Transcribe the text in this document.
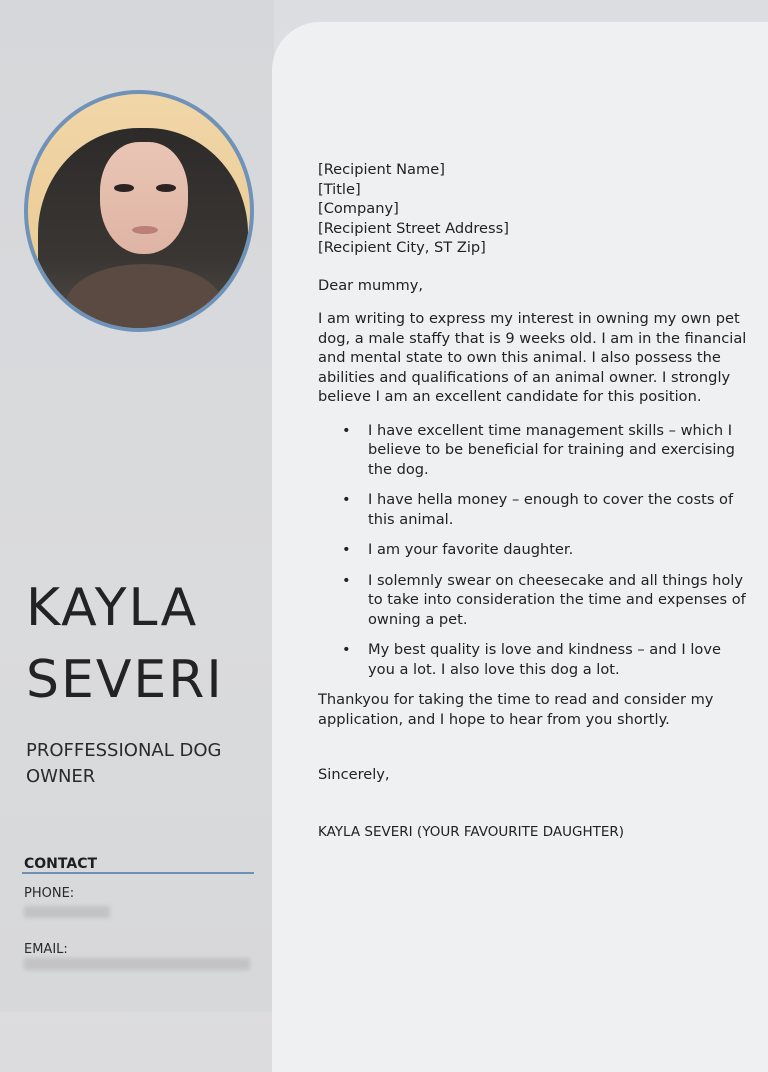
KAYLA
SEVERI

PROFFESSIONAL DOG OWNER

CONTACT
PHONE:
EMAIL:

[Recipient Name]

[Title]

[Company]

[Recipient Street Address]

[Recipient City, ST Zip]

Dear mummy,

I am writing to express my interest in owning my own pet dog, a male staffy that is 9 weeks old. I am in the financial and mental state to own this animal. I also possess the abilities and qualifications of an animal owner. I strongly believe I am an excellent candidate for this position.

• I have excellent time management skills – which I believe to be beneficial for training and exercising the dog.
• I have hella money – enough to cover the costs of this animal.
• I am your favorite daughter.
• I solemnly swear on cheesecake and all things holy to take into consideration the time and expenses of owning a pet.
• My best quality is love and kindness – and I love you a lot. I also love this dog a lot.

Thankyou for taking the time to read and consider my application, and I hope to hear from you shortly.

Sincerely,

KAYLA SEVERI (YOUR FAVOURITE DAUGHTER)
